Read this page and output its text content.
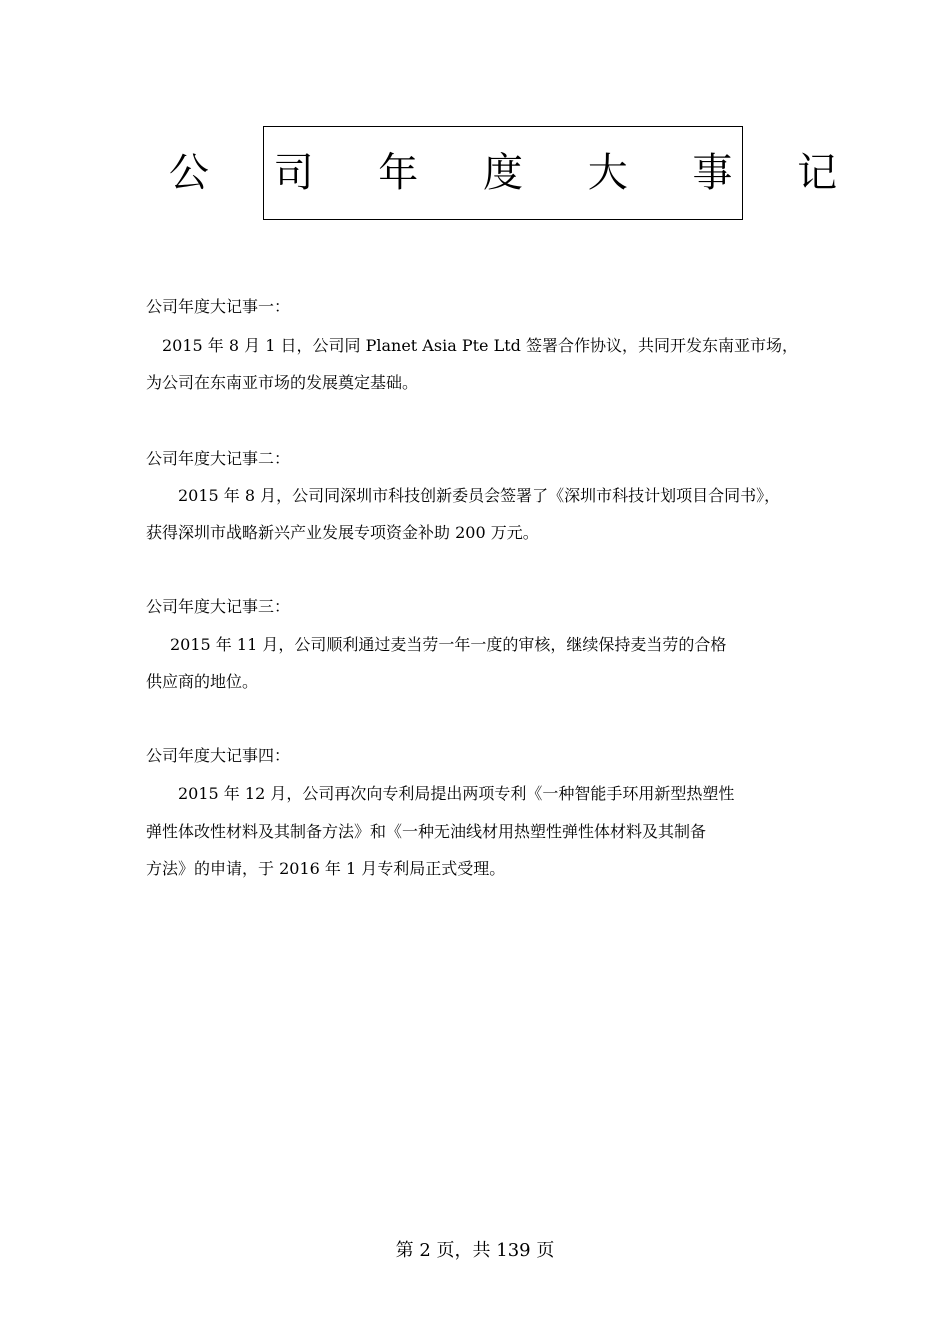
公 司 年 度 大 事 记
公司年度大记事一：
2015 年 8 月 1 日，公司同 Planet Asia Pte Ltd 签署合作协议，共同开发东南亚市场，
为公司在东南亚市场的发展奠定基础。
公司年度大记事二：
2015 年 8 月，公司同深圳市科技创新委员会签署了《深圳市科技计划项目合同书》，
获得深圳市战略新兴产业发展专项资金补助 200 万元。
公司年度大记事三：
2015 年 11 月，公司顺利通过麦当劳一年一度的审核，继续保持麦当劳的合格
供应商的地位。
公司年度大记事四：
2015 年 12 月，公司再次向专利局提出两项专利《一种智能手环用新型热塑性
弹性体改性材料及其制备方法》和《一种无油线材用热塑性弹性体材料及其制备
方法》的申请，于 2016 年 1 月专利局正式受理。
第 2 页，共 139 页
